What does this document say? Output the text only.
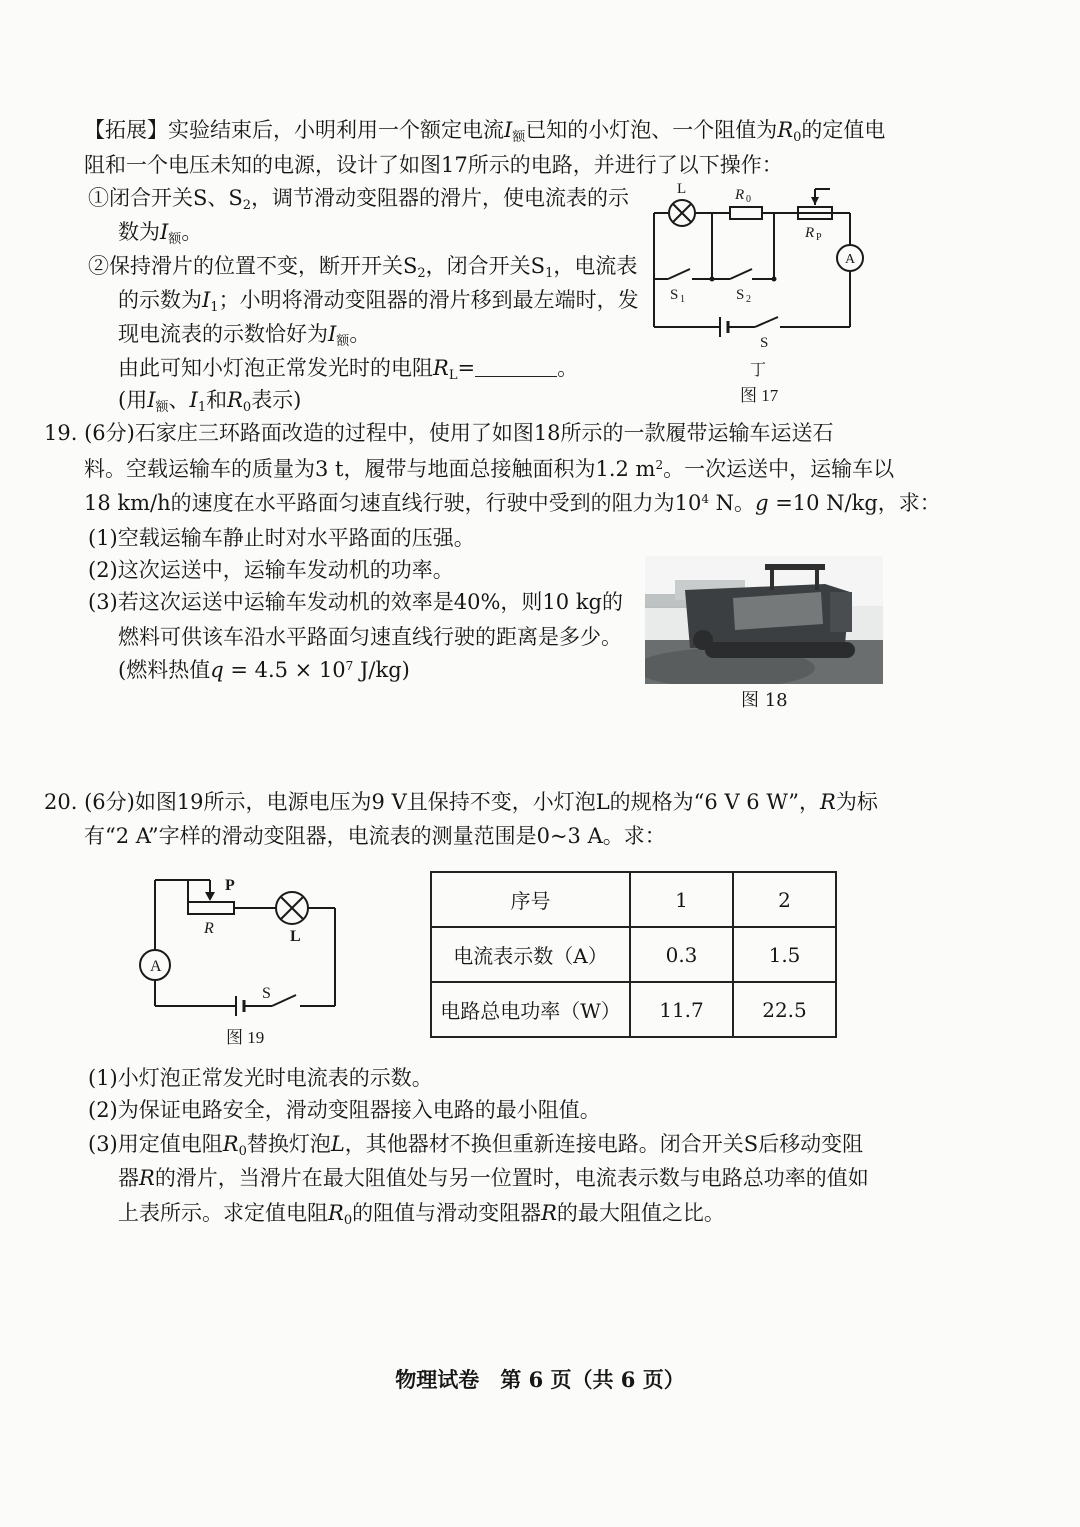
【拓展】实验结束后，小明利用一个额定电流$I_额$已知的小灯泡、一个阻值为$R_0$的定值电
阻和一个电压未知的电源，设计了如图17所示的电路，并进行了以下操作：
①闭合开关S、$S_2$，调节滑动变阻器的滑片，使电流表的示
数为$I_额$。
②保持滑片的位置不变，断开开关$S_2$，闭合开关$S_1$，电流表
的示数为$I_1$；小明将滑动变阻器的滑片移到最左端时，发
现电流表的示数恰好为$I_额$。
由此可知小灯泡正常发光时的电阻$R_L=$	。
(用$I_额$、$I_1$和$R_0$表示)
L	R 0
R P
A
S 1	S 2
S
丁
图 17
19. (6分)石家庄三环路面改造的过程中，使用了如图18所示的一款履带运输车运送石
料。空载运输车的质量为3 t，履带与地面总接触面积为1.2 $m^2$。一次运送中，运输车以
18 km/h的速度在水平路面匀速直线行驶，行驶中受到的阻力为$10^4$ N。g =10 N/kg，求：
(1)空载运输车静止时对水平路面的压强。
(2)这次运送中，运输车发动机的功率。
(3)若这次运送中运输车发动机的效率是40%，则10 kg的
燃料可供该车沿水平路面匀速直线行驶的距离是多少。
(燃料热值$q = 4.5 \times 10^7$ J/kg)
图 18
20. (6分)如图19所示，电源电压为9 V且保持不变，小灯泡L的规格为“6 V 6 W”，R为标
有“2 A”字样的滑动变阻器，电流表的测量范围是0~3 A。求：
P
R	L
A
S
图 19
序号	1	2
电流表示数（A）	0.3	1.5
电路总电功率（W）	11.7	22.5
(1)小灯泡正常发光时电流表的示数。
(2)为保证电路安全，滑动变阻器接入电路的最小阻值。
(3)用定值电阻$R_0$替换灯泡L，其他器材不换但重新连接电路。闭合开关S后移动变阻
器R的滑片，当滑片在最大阻值处与另一位置时，电流表示数与电路总功率的值如
上表所示。求定值电阻$R_0$的阻值与滑动变阻器R的最大阻值之比。
物理试卷　第 6 页（共 6 页）
